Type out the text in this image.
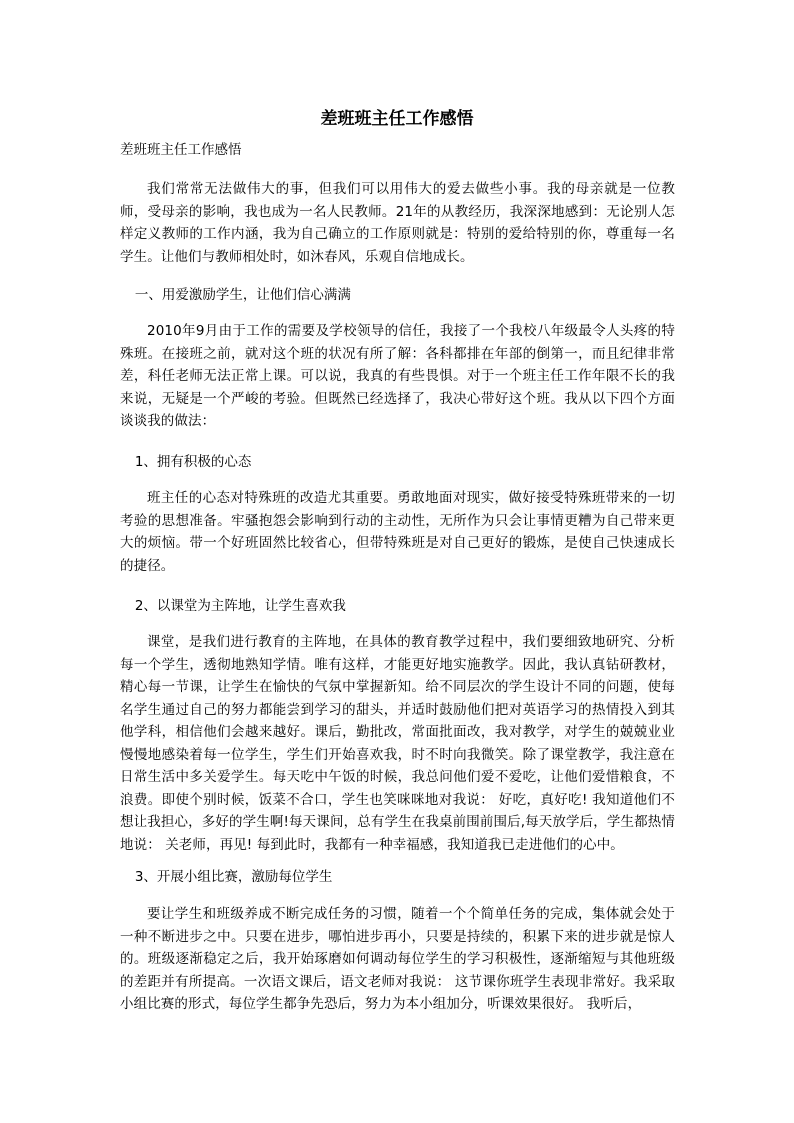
差班班主任工作感悟

差班班主任工作感悟

我们常常无法做伟大的事，但我们可以用伟大的爱去做些小事。我的母亲就是一位教师，受母亲的影响，我也成为一名人民教师。21年的从教经历，我深深地感到：无论别人怎样定义教师的工作内涵，我为自己确立的工作原则就是：特别的爱给特别的你，尊重每一名学生。让他们与教师相处时，如沐春风，乐观自信地成长。

一、用爱激励学生，让他们信心满满

2010年9月由于工作的需要及学校领导的信任，我接了一个我校八年级最令人头疼的特殊班。在接班之前，就对这个班的状况有所了解：各科都排在年部的倒第一，而且纪律非常差，科任老师无法正常上课。可以说，我真的有些畏惧。对于一个班主任工作年限不长的我来说，无疑是一个严峻的考验。但既然已经选择了，我决心带好这个班。我从以下四个方面谈谈我的做法：

1、拥有积极的心态

班主任的心态对特殊班的改造尤其重要。勇敢地面对现实，做好接受特殊班带来的一切考验的思想准备。牢骚抱怨会影响到行动的主动性，无所作为只会让事情更糟为自己带来更大的烦恼。带一个好班固然比较省心，但带特殊班是对自己更好的锻炼，是使自己快速成长的捷径。

2、以课堂为主阵地，让学生喜欢我

课堂，是我们进行教育的主阵地，在具体的教育教学过程中，我们要细致地研究、分析每一个学生，透彻地熟知学情。唯有这样，才能更好地实施教学。因此，我认真钻研教材，精心每一节课，让学生在愉快的气氛中掌握新知。给不同层次的学生设计不同的问题，使每名学生通过自己的努力都能尝到学习的甜头，并适时鼓励他们把对英语学习的热情投入到其他学科，相信他们会越来越好。课后，勤批改，常面批面改，我对教学，对学生的兢兢业业慢慢地感染着每一位学生，学生们开始喜欢我，时不时向我微笑。除了课堂教学，我注意在日常生活中多关爱学生。每天吃中午饭的时候，我总问他们爱不爱吃，让他们爱惜粮食，不浪费。即使个别时候，饭菜不合口，学生也笑咪咪地对我说： 好吃，真好吃! 我知道他们不想让我担心，多好的学生啊!每天课间，总有学生在我桌前围前围后,每天放学后，学生都热情地说： 关老师，再见! 每到此时，我都有一种幸福感，我知道我已走进他们的心中。

3、开展小组比赛，激励每位学生

要让学生和班级养成不断完成任务的习惯，随着一个个简单任务的完成，集体就会处于一种不断进步之中。只要在进步，哪怕进步再小，只要是持续的，积累下来的进步就是惊人的。班级逐渐稳定之后，我开始琢磨如何调动每位学生的学习积极性，逐渐缩短与其他班级的差距并有所提高。一次语文课后，语文老师对我说： 这节课你班学生表现非常好。我采取小组比赛的形式，每位学生都争先恐后，努力为本小组加分，听课效果很好。 我听后，
